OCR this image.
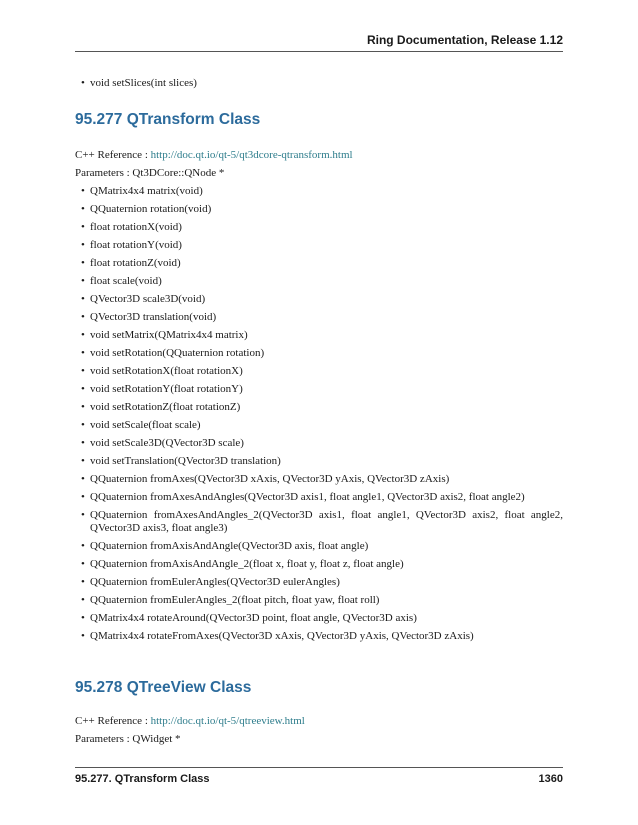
Ring Documentation, Release 1.12
• void setSlices(int slices)
95.277 QTransform Class
C++ Reference : http://doc.qt.io/qt-5/qt3dcore-qtransform.html
Parameters : Qt3DCore::QNode *
• QMatrix4x4 matrix(void)
• QQuaternion rotation(void)
• float rotationX(void)
• float rotationY(void)
• float rotationZ(void)
• float scale(void)
• QVector3D scale3D(void)
• QVector3D translation(void)
• void setMatrix(QMatrix4x4 matrix)
• void setRotation(QQuaternion rotation)
• void setRotationX(float rotationX)
• void setRotationY(float rotationY)
• void setRotationZ(float rotationZ)
• void setScale(float scale)
• void setScale3D(QVector3D scale)
• void setTranslation(QVector3D translation)
• QQuaternion fromAxes(QVector3D xAxis, QVector3D yAxis, QVector3D zAxis)
• QQuaternion fromAxesAndAngles(QVector3D axis1, float angle1, QVector3D axis2, float angle2)
• QQuaternion fromAxesAndAngles_2(QVector3D axis1, float angle1, QVector3D axis2, float angle2, QVector3D axis3, float angle3)
• QQuaternion fromAxisAndAngle(QVector3D axis, float angle)
• QQuaternion fromAxisAndAngle_2(float x, float y, float z, float angle)
• QQuaternion fromEulerAngles(QVector3D eulerAngles)
• QQuaternion fromEulerAngles_2(float pitch, float yaw, float roll)
• QMatrix4x4 rotateAround(QVector3D point, float angle, QVector3D axis)
• QMatrix4x4 rotateFromAxes(QVector3D xAxis, QVector3D yAxis, QVector3D zAxis)
95.278 QTreeView Class
C++ Reference : http://doc.qt.io/qt-5/qtreeview.html
Parameters : QWidget *
95.277. QTransform Class	1360
